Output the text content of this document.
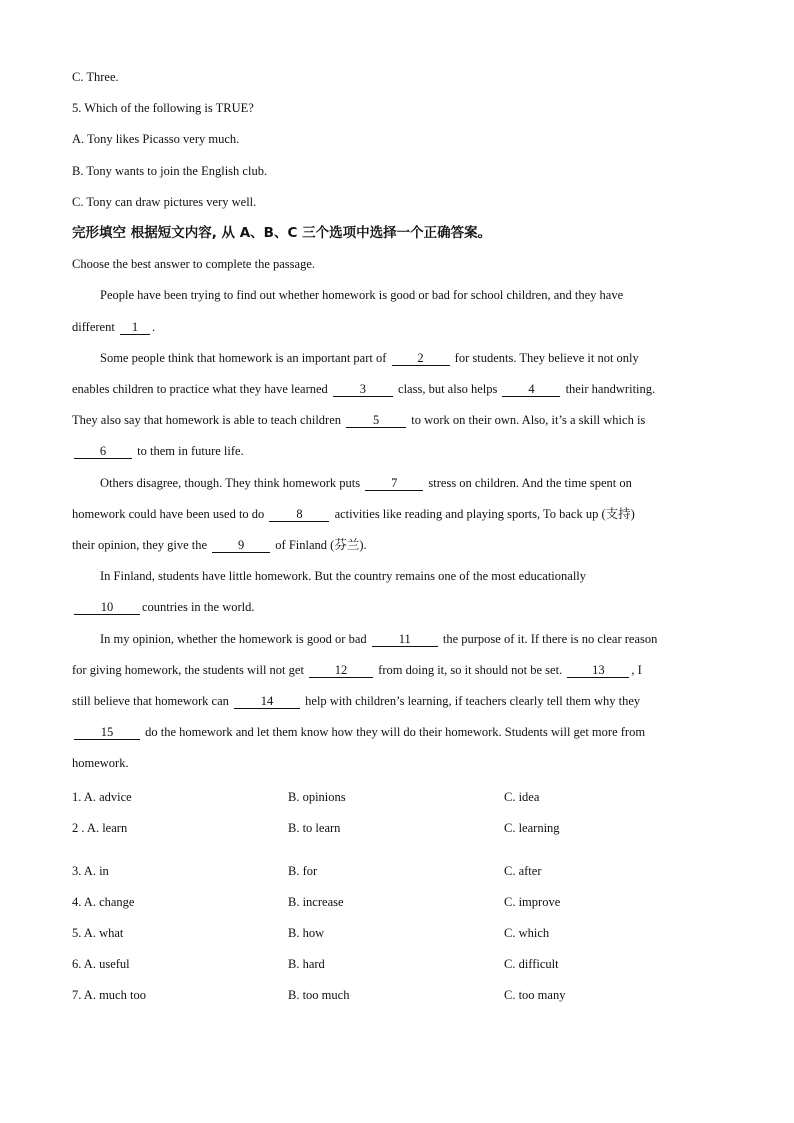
C. Three.
5. Which of the following is TRUE?
A. Tony likes Picasso very much.
B. Tony wants to join the English club.
C. Tony can draw pictures very well.
完形填空 根据短文内容, 从 A、B、C 三个选项中选择一个正确答案。
Choose the best answer to complete the passage.
People have been trying to find out whether homework is good or bad for school children, and they have
different 1 .
Some people think that homework is an important part of 2 for students. They believe it not only
enables children to practice what they have learned	3	class, but also helps 4 their handwriting.
They also say that homework is able to teach children	5	to work on their own. Also, it’s a skill which is
6 to them in future life.
Others disagree, though. They think homework puts 7 stress on children. And the time spent on
homework could have been used to do	8	activities like reading and playing sports, To back up (支持)
their opinion, they give the 9 of Finland (芬兰).
In Finland, students have little homework. But the country remains one of the most educationally
10 countries in the world.
In my opinion, whether the homework is good or bad	11	the purpose of it. If there is no clear reason
for giving homework, the students will not get 12 from doing it, so it should not be set. 13 , I
still believe that homework can	14	help with children’s learning, if teachers clearly tell them why they
15	do the homework and let them know how they will do their homework. Students will get more from
homework.
1. A. advice	B. opinions	C. idea
2 . A. learn	B. to learn	C. learning
3. A. in	B. for	C. after
4. A. change	B. increase	C. improve
5. A. what	B. how	C. which
6. A. useful	B. hard	C. difficult
7. A. much too	B. too much	C. too many
